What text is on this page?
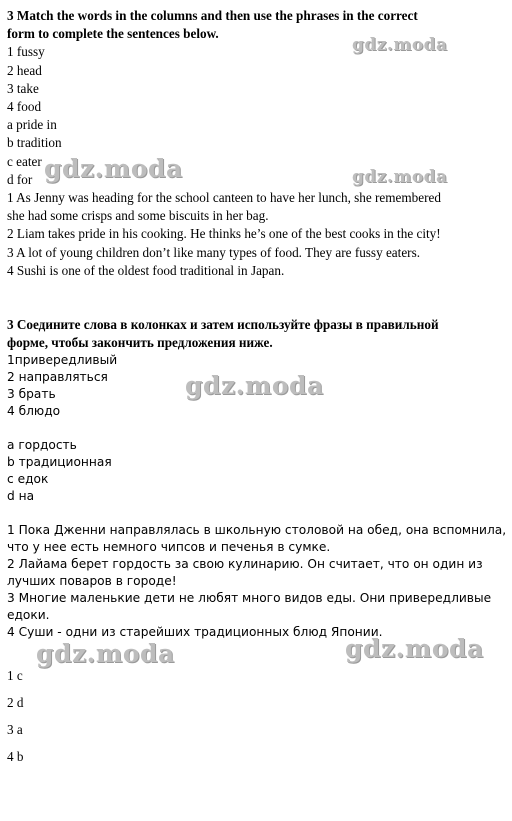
3 Match the words in the columns and then use the phrases in the correct
form to complete the sentences below.
1 fussy
2 head
3 take
4 food
a pride in
b tradition
c eater
d for
1 As Jenny was heading for the school canteen to have her lunch, she remembered
she had some crisps and some biscuits in her bag.
2 Liam takes pride in his cooking. He thinks he’s one of the best cooks in the city!
3 A lot of young children don’t like many types of food. They are fussy eaters.
4 Sushi is one of the oldest food traditional in Japan.
3 Соедините слова в колонках и затем используйте фразы в правильной
форме, чтобы закончить предложения ниже.
1привередливый
2 направляться
3 брать
4 блюдо
a гордость
b традиционная
c едок
d на
1 Пока Дженни направлялась в школьную столовой на обед, она вспомнила,
что у нее есть немного чипсов и печенья в сумке.
2 Лайама берет гордость за свою кулинарию. Он считает, что он один из
лучших поваров в городе!
3 Многие маленькие дети не любят много видов еды. Они привередливые
едоки.
4 Суши - одни из старейших традиционных блюд Японии.
1 c
2 d
3 a
4 b
gdz.moda
gdz.moda	gdz.moda
gdz.moda
gdz.moda	gdz.moda
